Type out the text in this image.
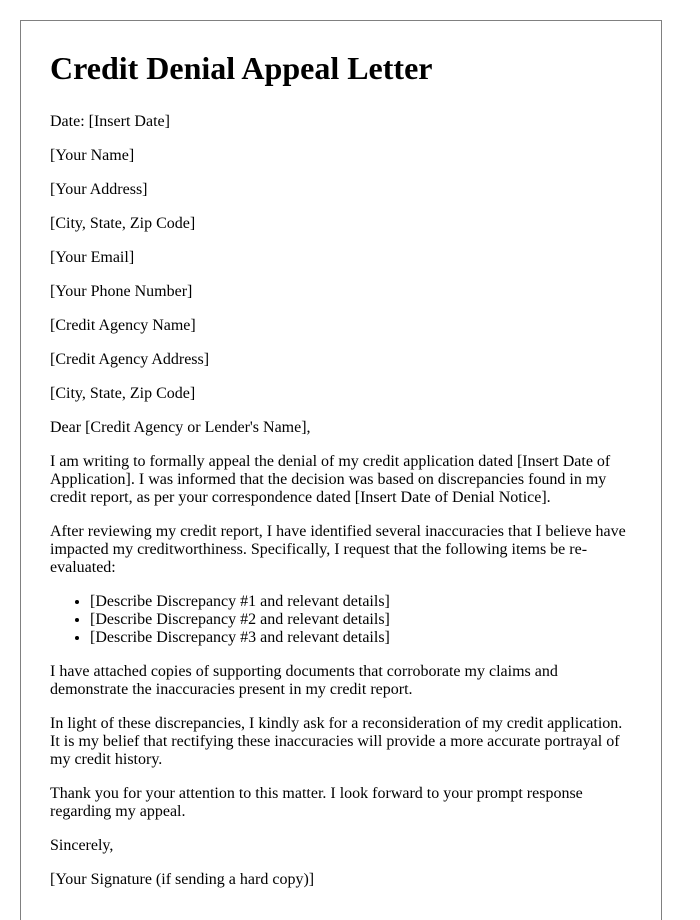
Credit Denial Appeal Letter

Date: [Insert Date]

[Your Name]

[Your Address]

[City, State, Zip Code]

[Your Email]

[Your Phone Number]

[Credit Agency Name]

[Credit Agency Address]

[City, State, Zip Code]

Dear [Credit Agency or Lender's Name],

I am writing to formally appeal the denial of my credit application dated [Insert Date of Application]. I was informed that the decision was based on discrepancies found in my credit report, as per your correspondence dated [Insert Date of Denial Notice].

After reviewing my credit report, I have identified several inaccuracies that I believe have impacted my creditworthiness. Specifically, I request that the following items be re-evaluated:

• [Describe Discrepancy #1 and relevant details]
• [Describe Discrepancy #2 and relevant details]
• [Describe Discrepancy #3 and relevant details]

I have attached copies of supporting documents that corroborate my claims and demonstrate the inaccuracies present in my credit report.

In light of these discrepancies, I kindly ask for a reconsideration of my credit application. It is my belief that rectifying these inaccuracies will provide a more accurate portrayal of my credit history.

Thank you for your attention to this matter. I look forward to your prompt response regarding my appeal.

Sincerely,

[Your Signature (if sending a hard copy)]
